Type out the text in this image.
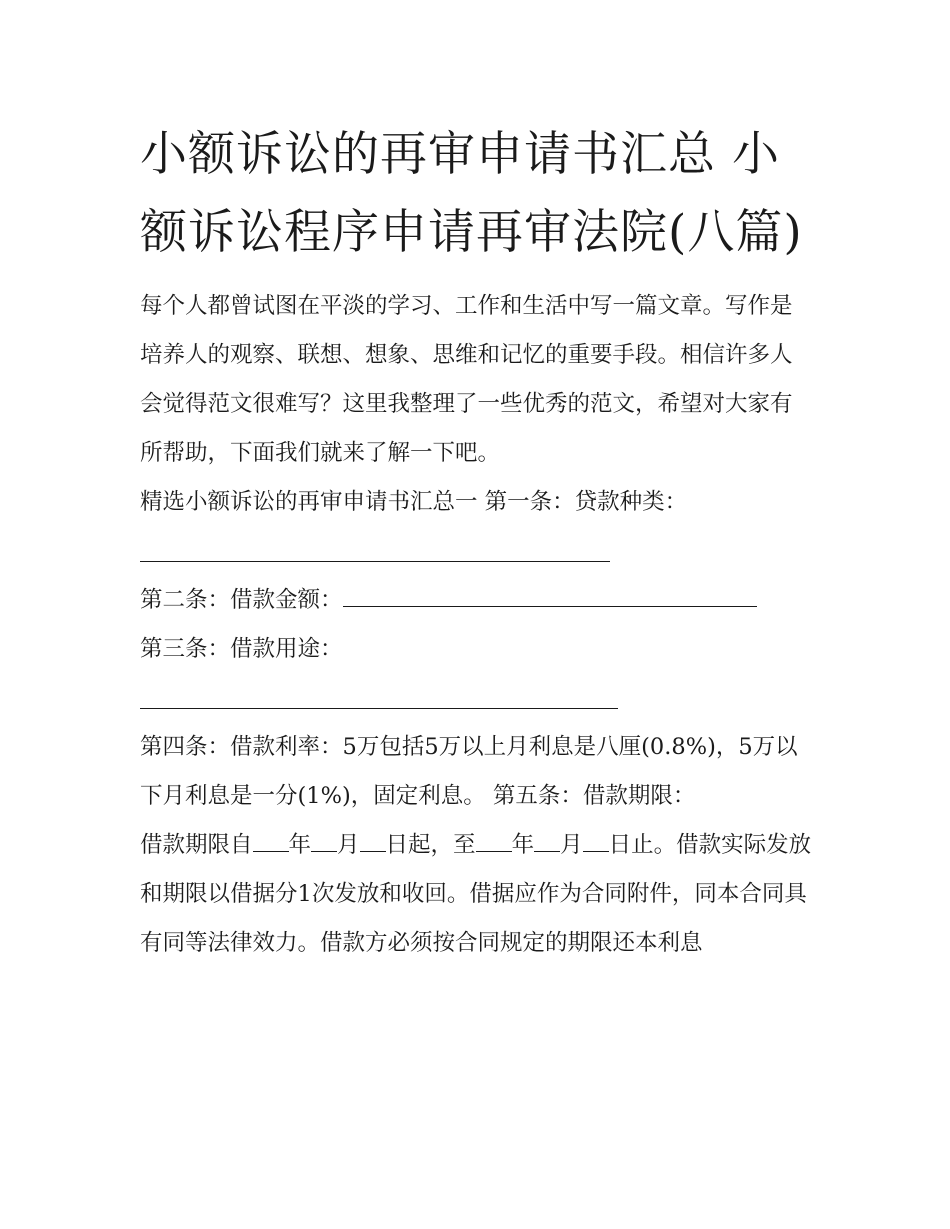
小额诉讼的再审申请书汇总 小额诉讼程序申请再审法院(八篇)

每个人都曾试图在平淡的学习、工作和生活中写一篇文章。写作是培养人的观察、联想、想象、思维和记忆的重要手段。相信许多人会觉得范文很难写？这里我整理了一些优秀的范文，希望对大家有所帮助，下面我们就来了解一下吧。

精选小额诉讼的再审申请书汇总一 第一条：贷款种类：

第二条：借款金额：

第三条：借款用途：

第四条：借款利率：5万包括5万以上月利息是八厘(0.8%)，5万以下月利息是一分(1%)，固定利息。 第五条：借款期限：

借款期限自 年 月 日起，至 年 月 日止。借款实际发放和期限以借据分1次发放和收回。借据应作为合同附件，同本合同具有同等法律效力。借款方必须按合同规定的期限还本利息
